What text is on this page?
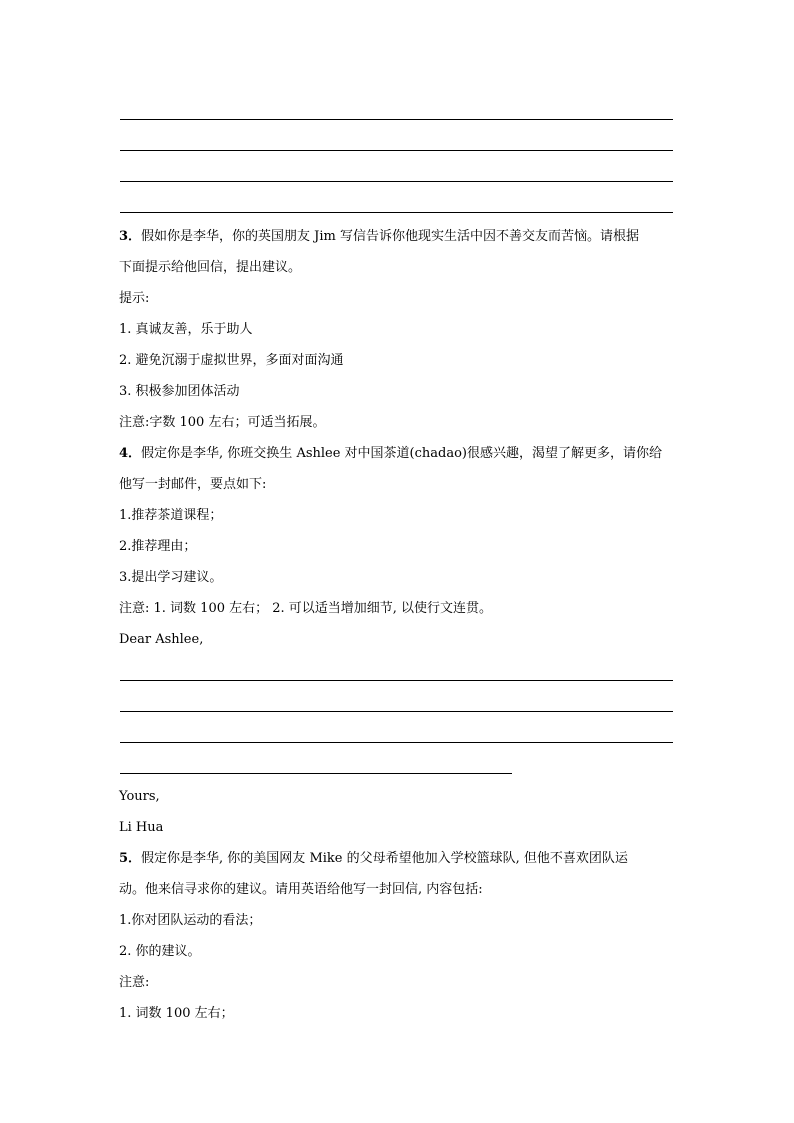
3．假如你是李华，你的英国朋友 Jim 写信告诉你他现实生活中因不善交友而苦恼。请根据
下面提示给他回信，提出建议。
提示:
1. 真诚友善，乐于助人
2. 避免沉溺于虚拟世界，多面对面沟通
3. 积极参加团体活动
注意:字数 100 左右；可适当拓展。
4．假定你是李华, 你班交换生 Ashlee 对中国茶道(chadao)很感兴趣，渴望了解更多，请你给
他写一封邮件，要点如下:
1.推荐茶道课程；
2.推荐理由；
3.提出学习建议。
注意: 1. 词数 100 左右； 2. 可以适当增加细节, 以使行文连贯。
Dear Ashlee,
Yours,
Li Hua
5．假定你是李华, 你的美国网友 Mike 的父母希望他加入学校篮球队, 但他不喜欢团队运
动。他来信寻求你的建议。请用英语给他写一封回信, 内容包括:
1.你对团队运动的看法；
2. 你的建议。
注意:
1. 词数 100 左右；
